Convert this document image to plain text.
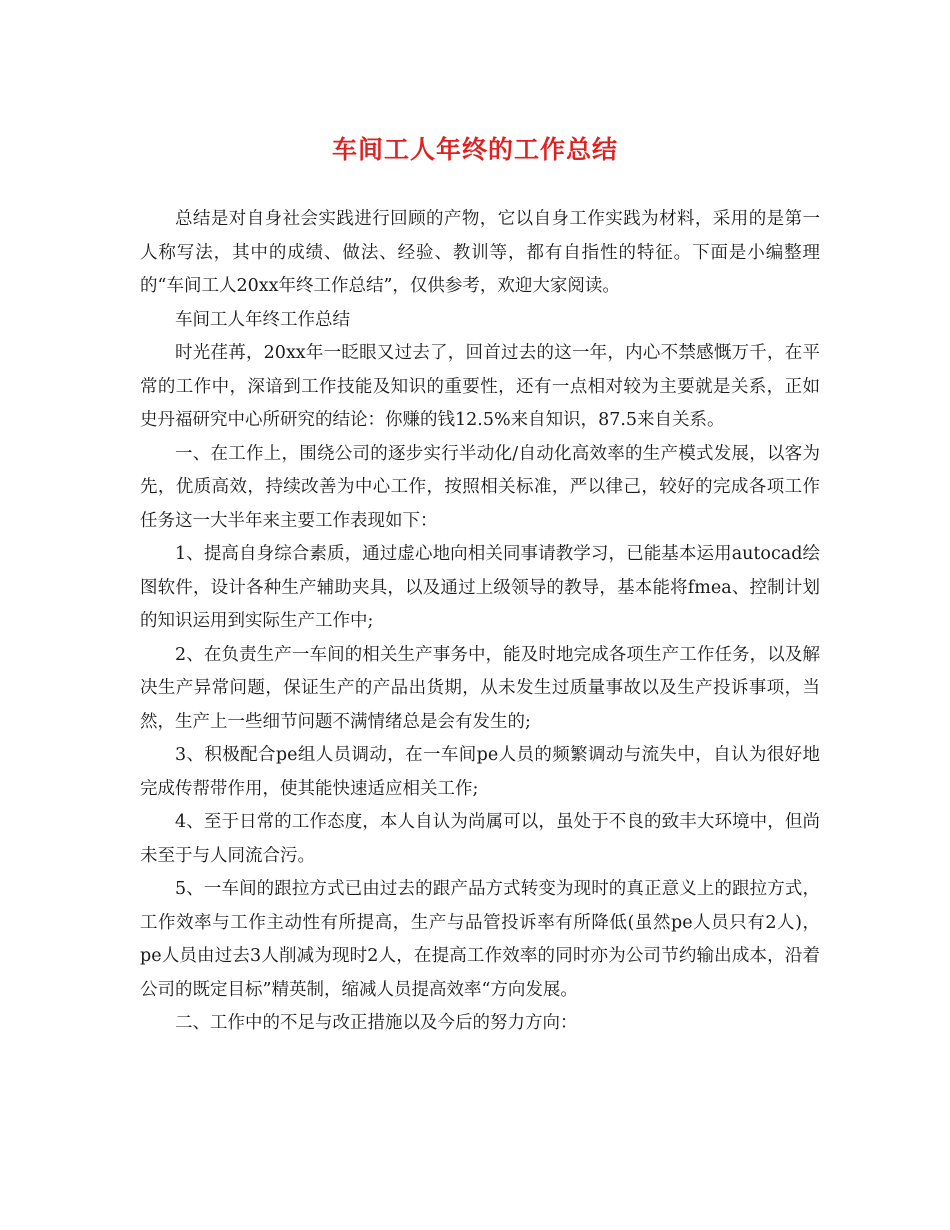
车间工人年终的工作总结

总结是对自身社会实践进行回顾的产物，它以自身工作实践为材料，采用的是第一人称写法，其中的成绩、做法、经验、教训等，都有自指性的特征。下面是小编整理的“车间工人20xx年终工作总结”，仅供参考，欢迎大家阅读。

车间工人年终工作总结

时光荏苒，20xx年一眨眼又过去了，回首过去的这一年，内心不禁感慨万千，在平常的工作中，深谙到工作技能及知识的重要性，还有一点相对较为主要就是关系，正如史丹福研究中心所研究的结论：你赚的钱12.5%来自知识，87.5来自关系。

一、在工作上，围绕公司的逐步实行半动化/自动化高效率的生产模式发展，以客为先，优质高效，持续改善为中心工作，按照相关标准，严以律己，较好的完成各项工作任务这一大半年来主要工作表现如下：

1、提高自身综合素质，通过虚心地向相关同事请教学习，已能基本运用autocad绘图软件，设计各种生产辅助夹具，以及通过上级领导的教导，基本能将fmea、控制计划的知识运用到实际生产工作中;

2、在负责生产一车间的相关生产事务中，能及时地完成各项生产工作任务，以及解决生产异常问题，保证生产的产品出货期，从未发生过质量事故以及生产投诉事项，当然，生产上一些细节问题不满情绪总是会有发生的;

3、积极配合pe组人员调动，在一车间pe人员的频繁调动与流失中，自认为很好地完成传帮带作用，使其能快速适应相关工作;

4、至于日常的工作态度，本人自认为尚属可以，虽处于不良的致丰大环境中，但尚未至于与人同流合污。

5、一车间的跟拉方式已由过去的跟产品方式转变为现时的真正意义上的跟拉方式，工作效率与工作主动性有所提高，生产与品管投诉率有所降低(虽然pe人员只有2人)，pe人员由过去3人削减为现时2人，在提高工作效率的同时亦为公司节约输出成本，沿着公司的既定目标”精英制，缩减人员提高效率“方向发展。

二、工作中的不足与改正措施以及今后的努力方向：
